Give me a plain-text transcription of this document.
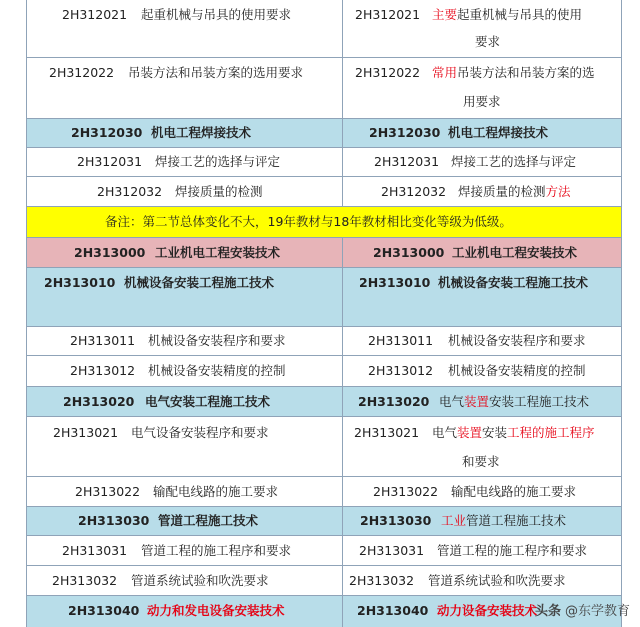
2H312021 起重机械与吊具的使用要求	2H312021 主要起重机械与吊具的使用
要求
2H312022 吊装方法和吊装方案的选用要求	2H312022 常用吊装方法和吊装方案的选
用要求
2H312030 机电工程焊接技术	2H312030 机电工程焊接技术
2H312031 焊接工艺的选择与评定	2H312031 焊接工艺的选择与评定
2H312032 焊接质量的检测	2H312032 焊接质量的检测方法
备注：第二节总体变化不大，19年教材与18年教材相比变化等级为低级。
2H313000 工业机电工程安装技术	2H313000 工业机电工程安装技术
2H313010 机械设备安装工程施工技术	2H313010 机械设备安装工程施工技术
2H313011 机械设备安装程序和要求	2H313011 机械设备安装程序和要求
2H313012 机械设备安装精度的控制	2H313012 机械设备安装精度的控制
2H313020 电气安装工程施工技术	2H313020 电气装置安装工程施工技术
2H313021 电气设备安装程序和要求	2H313021 电气装置安装工程的施工程序
和要求
2H313022 输配电线路的施工要求	2H313022 输配电线路的施工要求
2H313030 管道工程施工技术	2H313030 工业管道工程施工技术
2H313031 管道工程的施工程序和要求	2H313031 管道工程的施工程序和要求
2H313032 管道系统试验和吹洗要求	2H313032 管道系统试验和吹洗要求
2H313040 动力和发电设备安装技术	2H313040 动力设备安装技术
头条 @东学教育
